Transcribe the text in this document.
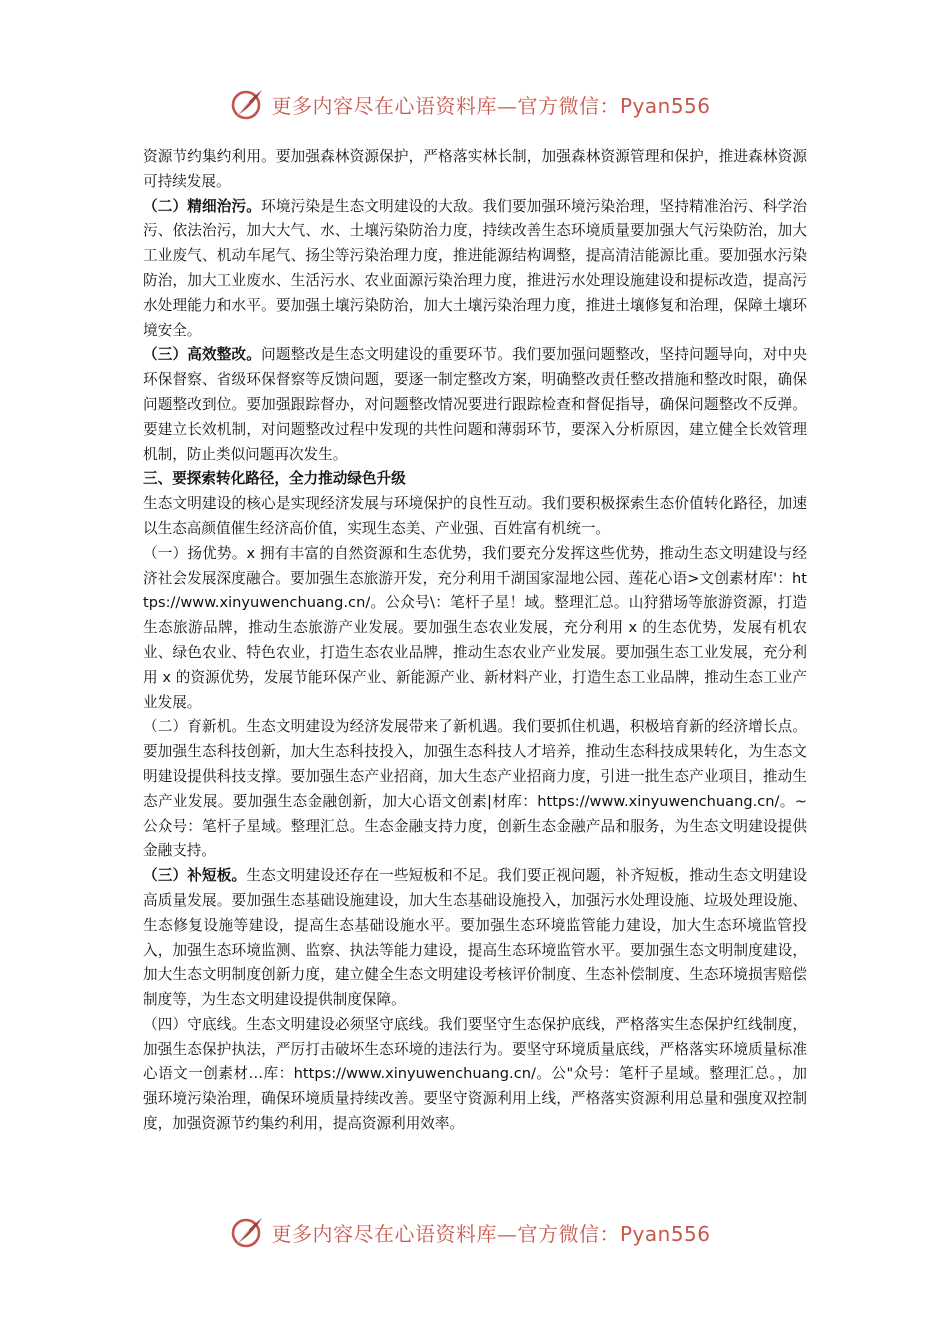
更多内容尽在心语资料库—官方微信：Pyan556

资源节约集约利用。要加强森林资源保护，严格落实林长制，加强森林资源管理和保护，推进森林资源可持续发展。

（二）精细治污。环境污染是生态文明建设的大敌。我们要加强环境污染治理，坚持精准治污、科学治污、依法治污，加大大气、水、土壤污染防治力度，持续改善生态环境质量要加强大气污染防治，加大工业废气、机动车尾气、扬尘等污染治理力度，推进能源结构调整，提高清洁能源比重。要加强水污染防治，加大工业废水、生活污水、农业面源污染治理力度，推进污水处理设施建设和提标改造，提高污水处理能力和水平。要加强土壤污染防治，加大土壤污染治理力度，推进土壤修复和治理，保障土壤环境安全。

（三）高效整改。问题整改是生态文明建设的重要环节。我们要加强问题整改，坚持问题导向，对中央环保督察、省级环保督察等反馈问题，要逐一制定整改方案，明确整改责任整改措施和整改时限，确保问题整改到位。要加强跟踪督办，对问题整改情况要进行跟踪检查和督促指导，确保问题整改不反弹。要建立长效机制，对问题整改过程中发现的共性问题和薄弱环节，要深入分析原因，建立健全长效管理机制，防止类似问题再次发生。

三、要探索转化路径，全力推动绿色升级

生态文明建设的核心是实现经济发展与环境保护的良性互动。我们要积极探索生态价值转化路径，加速以生态高颜值催生经济高价值，实现生态美、产业强、百姓富有机统一。

（一）扬优势。x 拥有丰富的自然资源和生态优势，我们要充分发挥这些优势，推动生态文明建设与经济社会发展深度融合。要加强生态旅游开发，充分利用千湖国家湿地公园、莲花心语>文创素材库'：https://www.xinyuwenchuang.cn/。公众号\：笔杆子星！域。整理汇总。山狩猎场等旅游资源，打造生态旅游品牌，推动生态旅游产业发展。要加强生态农业发展，充分利用 x 的生态优势，发展有机农业、绿色农业、特色农业，打造生态农业品牌，推动生态农业产业发展。要加强生态工业发展，充分利用 x 的资源优势，发展节能环保产业、新能源产业、新材料产业，打造生态工业品牌，推动生态工业产业发展。

（二）育新机。生态文明建设为经济发展带来了新机遇。我们要抓住机遇，积极培育新的经济增长点。要加强生态科技创新，加大生态科技投入，加强生态科技人才培养，推动生态科技成果转化，为生态文明建设提供科技支撑。要加强生态产业招商，加大生态产业招商力度，引进一批生态产业项目，推动生态产业发展。要加强生态金融创新，加大心语文创素|材库：https://www.xinyuwenchuang.cn/。~公众号：笔杆子星域。整理汇总。生态金融支持力度，创新生态金融产品和服务，为生态文明建设提供金融支持。

（三）补短板。生态文明建设还存在一些短板和不足。我们要正视问题，补齐短板，推动生态文明建设高质量发展。要加强生态基础设施建设，加大生态基础设施投入，加强污水处理设施、垃圾处理设施、生态修复设施等建设，提高生态基础设施水平。要加强生态环境监管能力建设，加大生态环境监管投入，加强生态环境监测、监察、执法等能力建设，提高生态环境监管水平。要加强生态文明制度建设，加大生态文明制度创新力度，建立健全生态文明建设考核评价制度、生态补偿制度、生态环境损害赔偿制度等，为生态文明建设提供制度保障。

（四）守底线。生态文明建设必须坚守底线。我们要坚守生态保护底线，严格落实生态保护红线制度，加强生态保护执法，严厉打击破坏生态环境的违法行为。要坚守环境质量底线，严格落实环境质量标准心语文一创素材…库：https://www.xinyuwenchuang.cn/。公"众号：笔杆子星域。整理汇总。，加强环境污染治理，确保环境质量持续改善。要坚守资源利用上线，严格落实资源利用总量和强度双控制度，加强资源节约集约利用，提高资源利用效率。

更多内容尽在心语资料库—官方微信：Pyan556
